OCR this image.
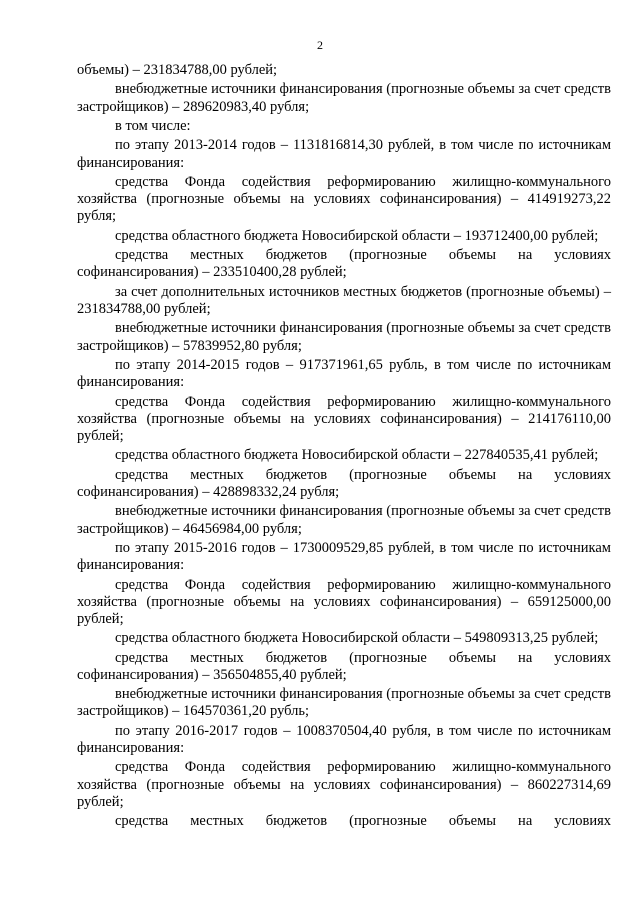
2

объемы) – 231834788,00 рублей;

внебюджетные источники финансирования (прогнозные объемы за счет средств застройщиков) – 289620983,40 рубля;

в том числе:

по этапу 2013-2014 годов – 1131816814,30 рублей, в том числе по источникам финансирования:

средства Фонда содействия реформированию жилищно-коммунального хозяйства (прогнозные объемы на условиях софинансирования) – 414919273,22 рубля;

средства областного бюджета Новосибирской области – 193712400,00 рублей;

средства местных бюджетов (прогнозные объемы на условиях софинансирования) – 233510400,28 рублей;

за счет дополнительных источников местных бюджетов (прогнозные объемы) – 231834788,00 рублей;

внебюджетные источники финансирования (прогнозные объемы за счет средств застройщиков) – 57839952,80 рубля;

по этапу 2014-2015 годов – 917371961,65 рубль, в том числе по источникам финансирования:

средства Фонда содействия реформированию жилищно-коммунального хозяйства (прогнозные объемы на условиях софинансирования) – 214176110,00 рублей;

средства областного бюджета Новосибирской области – 227840535,41 рублей;

средства местных бюджетов (прогнозные объемы на условиях софинансирования) – 428898332,24 рубля;

внебюджетные источники финансирования (прогнозные объемы за счет средств застройщиков) – 46456984,00 рубля;

по этапу 2015-2016 годов – 1730009529,85 рублей, в том числе по источникам финансирования:

средства Фонда содействия реформированию жилищно-коммунального хозяйства (прогнозные объемы на условиях софинансирования) – 659125000,00 рублей;

средства областного бюджета Новосибирской области – 549809313,25 рублей;

средства местных бюджетов (прогнозные объемы на условиях софинансирования) – 356504855,40 рублей;

внебюджетные источники финансирования (прогнозные объемы за счет средств застройщиков) – 164570361,20 рубль;

по этапу 2016-2017 годов – 1008370504,40 рубля, в том числе по источникам финансирования:

средства Фонда содействия реформированию жилищно-коммунального хозяйства (прогнозные объемы на условиях софинансирования) – 860227314,69 рублей;

средства местных бюджетов (прогнозные объемы на условиях
